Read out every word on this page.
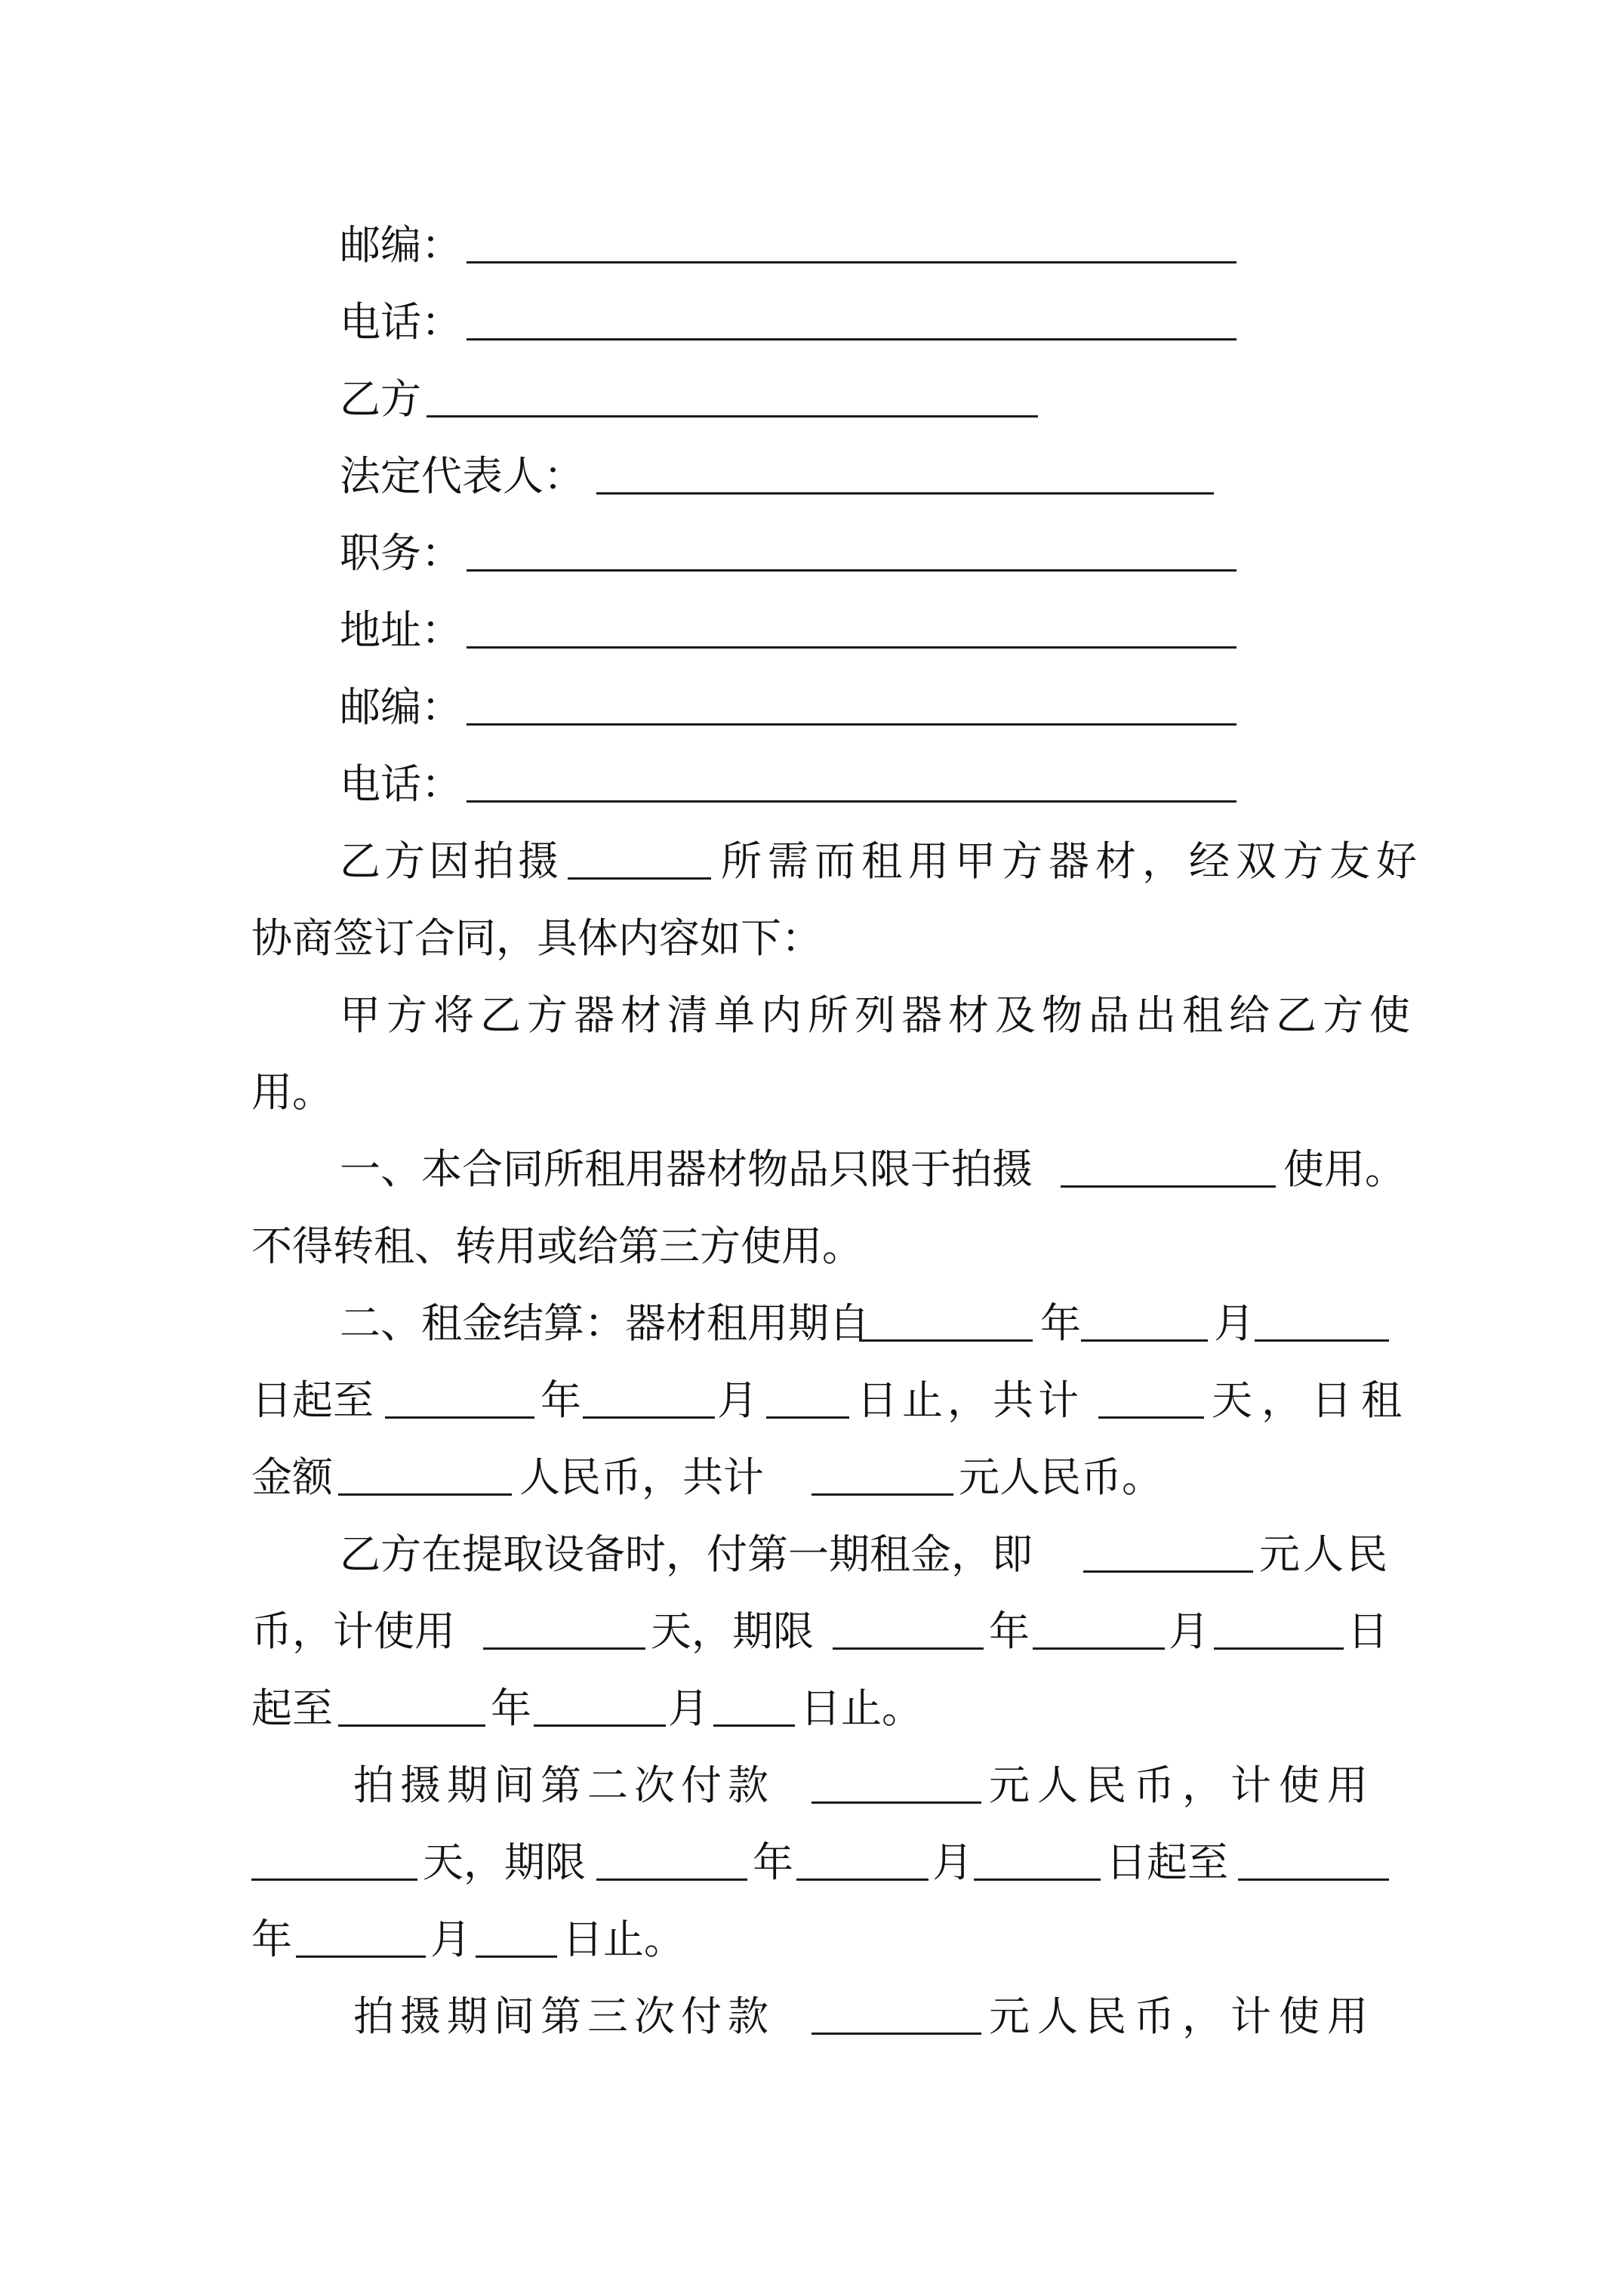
邮编：
电话：
乙方
法定代表人：
职务：
地址：
邮编：
电话：
乙方因拍摄	所需而租用甲方器材，经双方友好
协商签订合同，具体内容如下：
甲方将乙方器材清单内所列器材及物品出租给乙方使
用。
一、本合同所租用器材物品只限于拍摄	使用。
不得转租、转用或给第三方使用。
二、租金结算：器材租用期自	年	月
日起至	年	月 日止，共计	天，日租
金额	人民币，共计	元人民币。
乙方在提取设备时，付第一期租金，即	元人民
币，计使用	天，期限	年	月	日
起至	年	月 日止。
拍摄期间第二次付款	元人民币，计使用
天，期限	年	月	日起至
年	月 日止。
拍摄期间第三次付款	元人民币，计使用
